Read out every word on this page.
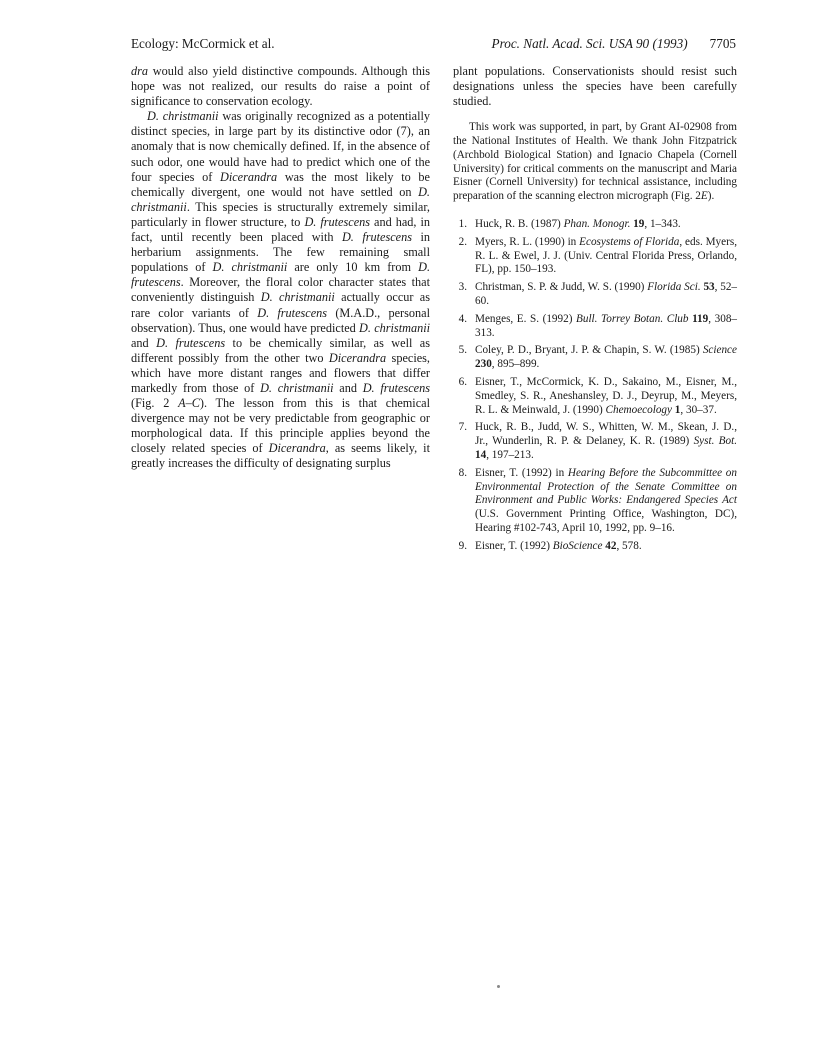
Ecology: McCormick et al.	Proc. Natl. Acad. Sci. USA 90 (1993) 7705

dra would also yield distinctive compounds. Although this hope was not realized, our results do raise a point of significance to conservation ecology.

D. christmanii was originally recognized as a potentially distinct species, in large part by its distinctive odor (7), an anomaly that is now chemically defined. If, in the absence of such odor, one would have had to predict which one of the four species of Dicerandra was the most likely to be chemically divergent, one would not have settled on D. christmanii. This species is structurally extremely similar, particularly in flower structure, to D. frutescens and had, in fact, until recently been placed with D. frutescens in herbarium assignments. The few remaining small populations of D. christmanii are only 10 km from D. frutescens. Moreover, the floral color character states that conveniently distinguish D. christmanii actually occur as rare color variants of D. frutescens (M.A.D., personal observation). Thus, one would have predicted D. christmanii and D. frutescens to be chemically similar, as well as different possibly from the other two Dicerandra species, which have more distant ranges and flowers that differ markedly from those of D. christmanii and D. frutescens (Fig. 2 A–C). The lesson from this is that chemical divergence may not be very predictable from geographic or morphological data. If this principle applies beyond the closely related species of Dicerandra, as seems likely, it greatly increases the difficulty of designating surplus

plant populations. Conservationists should resist such designations unless the species have been carefully studied.

This work was supported, in part, by Grant AI-02908 from the National Institutes of Health. We thank John Fitzpatrick (Archbold Biological Station) and Ignacio Chapela (Cornell University) for critical comments on the manuscript and Maria Eisner (Cornell University) for technical assistance, including preparation of the scanning electron micrograph (Fig. 2E).

1. Huck, R. B. (1987) Phan. Monogr. 19, 1–343.
2. Myers, R. L. (1990) in Ecosystems of Florida, eds. Myers, R. L. & Ewel, J. J. (Univ. Central Florida Press, Orlando, FL), pp. 150–193.
3. Christman, S. P. & Judd, W. S. (1990) Florida Sci. 53, 52–60.
4. Menges, E. S. (1992) Bull. Torrey Botan. Club 119, 308–313.
5. Coley, P. D., Bryant, J. P. & Chapin, S. W. (1985) Science 230, 895–899.
6. Eisner, T., McCormick, K. D., Sakaino, M., Eisner, M., Smedley, S. R., Aneshansley, D. J., Deyrup, M., Meyers, R. L. & Meinwald, J. (1990) Chemoecology 1, 30–37.
7. Huck, R. B., Judd, W. S., Whitten, W. M., Skean, J. D., Jr., Wunderlin, R. P. & Delaney, K. R. (1989) Syst. Bot. 14, 197–213.
8. Eisner, T. (1992) in Hearing Before the Subcommittee on Environmental Protection of the Senate Committee on Environment and Public Works: Endangered Species Act (U.S. Government Printing Office, Washington, DC), Hearing #102-743, April 10, 1992, pp. 9–16.
9. Eisner, T. (1992) BioScience 42, 578.
